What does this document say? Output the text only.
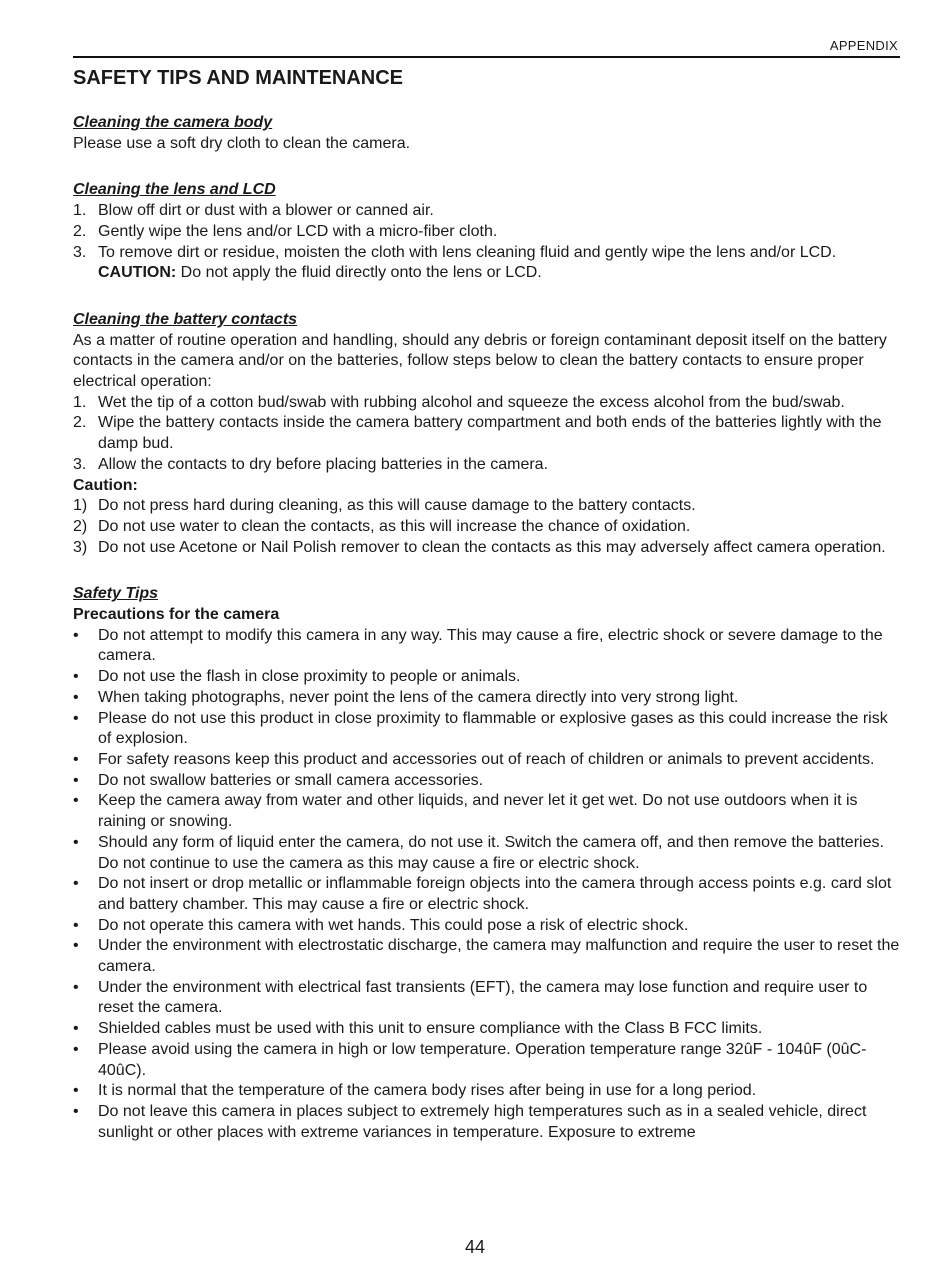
APPENDIX
SAFETY TIPS AND MAINTENANCE

Cleaning the camera body

Please use a soft dry cloth to clean the camera.

Cleaning the lens and LCD

1. Blow off dirt or dust with a blower or canned air.
2. Gently wipe the lens and/or LCD with a micro-fiber cloth.
3. To remove dirt or residue, moisten the cloth with lens cleaning fluid and gently wipe the lens and/or LCD.

CAUTION: Do not apply the fluid directly onto the lens or LCD.

Cleaning the battery contacts

As a matter of routine operation and handling, should any debris or foreign contaminant deposit itself on the battery contacts in the camera and/or on the batteries, follow steps below to clean the battery contacts to ensure proper electrical operation:

1. Wet the tip of a cotton bud/swab with rubbing alcohol and squeeze the excess alcohol from the bud/swab.
2. Wipe the battery contacts inside the camera battery compartment and both ends of the batteries lightly with the damp bud.
3. Allow the contacts to dry before placing batteries in the camera.

Caution:

1) Do not press hard during cleaning, as this will cause damage to the battery contacts.
2) Do not use water to clean the contacts, as this will increase the chance of oxidation.
3) Do not use Acetone or Nail Polish remover to clean the contacts as this may adversely affect camera operation.

Safety Tips

Precautions for the camera

•	Do not attempt to modify this camera in any way. This may cause a fire, electric shock or severe damage to the camera.
•	Do not use the flash in close proximity to people or animals.
•	When taking photographs, never point the lens of the camera directly into very strong light.
•	Please do not use this product in close proximity to flammable or explosive gases as this could increase the risk of explosion.
•	For safety reasons keep this product and accessories out of reach of children or animals to prevent accidents.
•	Do not swallow batteries or small camera accessories.
•	Keep the camera away from water and other liquids, and never let it get wet. Do not use outdoors when it is raining or snowing.
•	Should any form of liquid enter the camera, do not use it. Switch the camera off, and then remove the batteries. Do not continue to use the camera as this may cause a fire or electric shock.
•	Do not insert or drop metallic or inflammable foreign objects into the camera through access points e.g. card slot and battery chamber. This may cause a fire or electric shock.
•	Do not operate this camera with wet hands. This could pose a risk of electric shock.
•	Under the environment with electrostatic discharge, the camera may malfunction and require the user to reset the camera.
•	Under the environment with electrical fast transients (EFT), the camera may lose function and require user to reset the camera.
•	Shielded cables must be used with this unit to ensure compliance with the Class B FCC limits.
•	Please avoid using the camera in high or low temperature. Operation temperature range 32ûF - 104ûF (0ûC- 40ûC).
•	It is normal that the temperature of the camera body rises after being in use for a long period.
•	Do not leave this camera in places subject to extremely high temperatures such as in a sealed vehicle, direct sunlight or other places with extreme variances in temperature. Exposure to extreme
44
